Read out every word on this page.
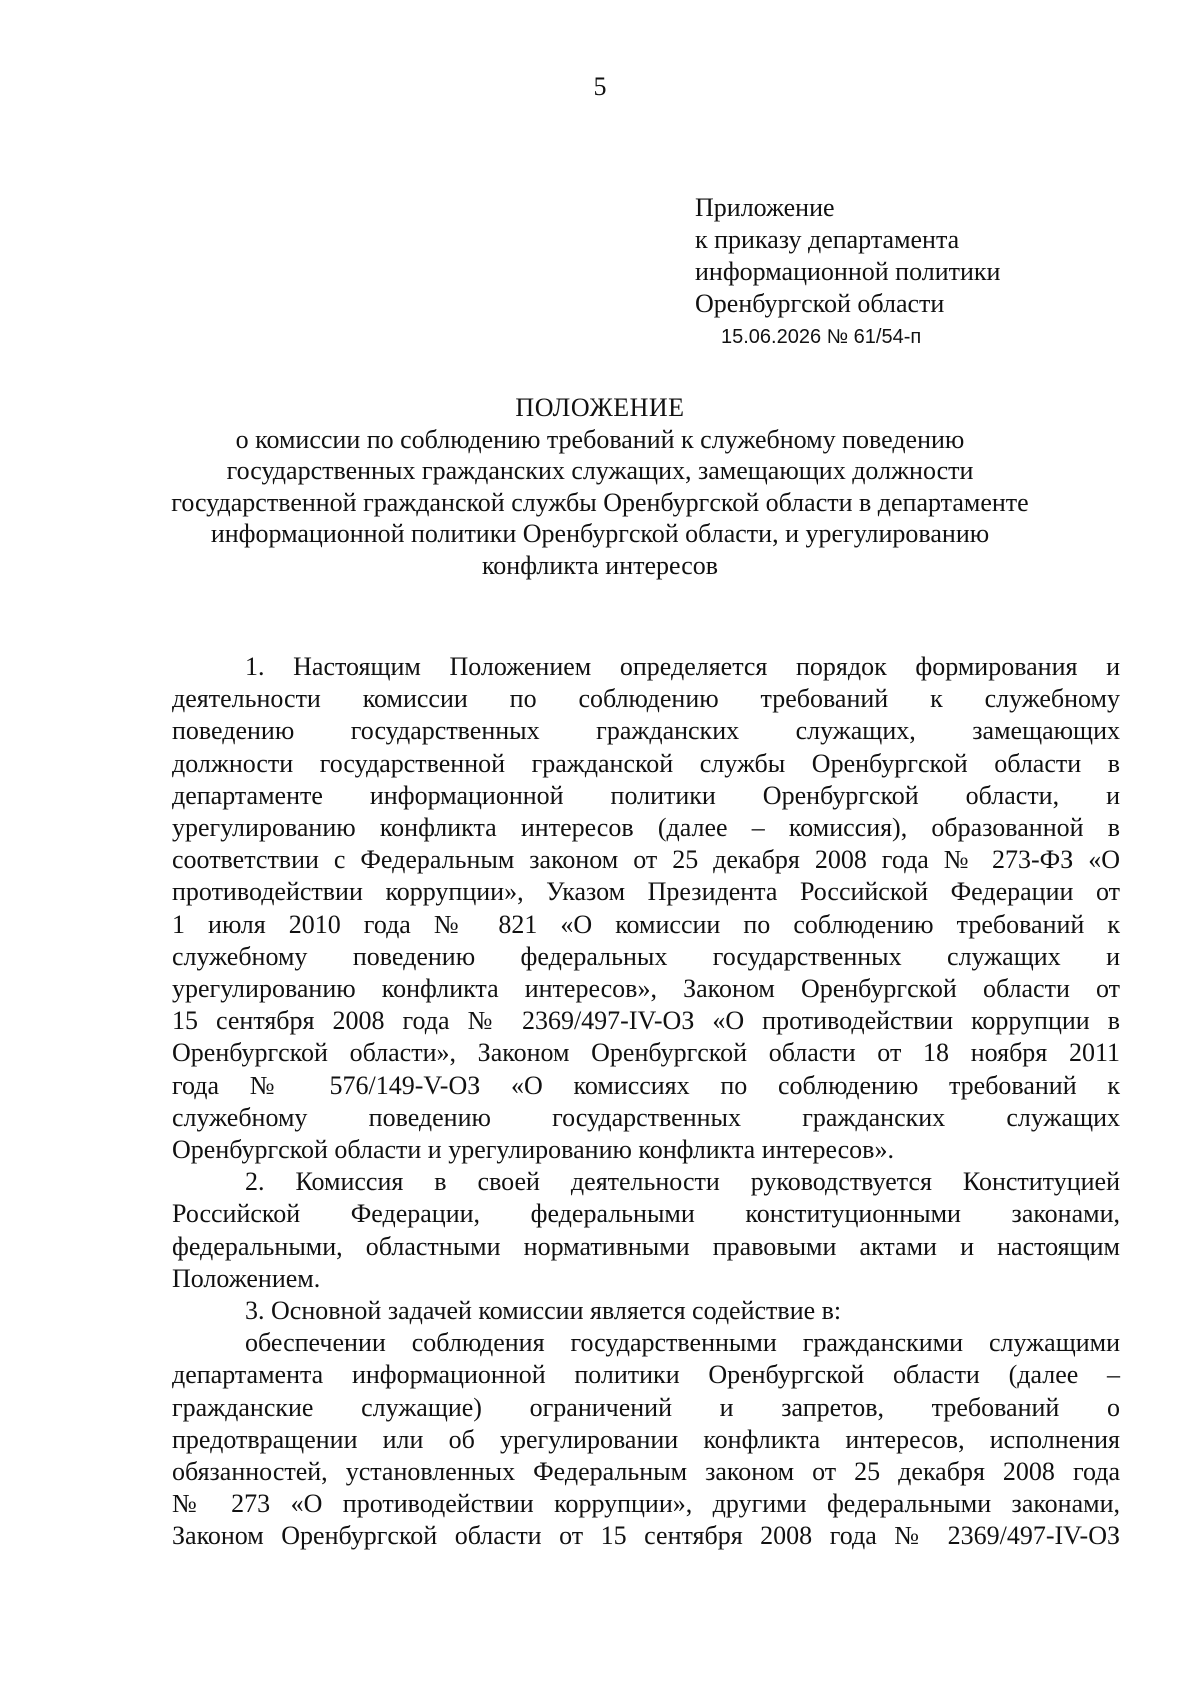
5
Приложение
к приказу департамента
информационной политики
Оренбургской области
15.06.2026 № 61/54-п
ПОЛОЖЕНИЕ
о комиссии по соблюдению требований к служебному поведению
государственных гражданских служащих, замещающих должности
государственной гражданской службы Оренбургской области в департаменте
информационной политики Оренбургской области, и урегулированию
конфликта интересов
1. Настоящим Положением определяется порядок формирования и
деятельности комиссии по соблюдению требований к служебному
поведению государственных гражданских служащих, замещающих
должности государственной гражданской службы Оренбургской области в
департаменте информационной политики Оренбургской области, и
урегулированию конфликта интересов (далее – комиссия), образованной в
соответствии с Федеральным законом от 25 декабря 2008 года № 273-ФЗ «О
противодействии коррупции», Указом Президента Российской Федерации от
1 июля 2010 года № 821 «О комиссии по соблюдению требований к
служебному поведению федеральных государственных служащих и
урегулированию конфликта интересов», Законом Оренбургской области от
15 сентября 2008 года № 2369/497-IV-ОЗ «О противодействии коррупции в
Оренбургской области», Законом Оренбургской области от 18 ноября 2011
года № 576/149-V-ОЗ «О комиссиях по соблюдению требований к
служебному поведению государственных гражданских служащих
Оренбургской области и урегулированию конфликта интересов».
2. Комиссия в своей деятельности руководствуется Конституцией
Российской Федерации, федеральными конституционными законами,
федеральными, областными нормативными правовыми актами и настоящим
Положением.
3. Основной задачей комиссии является содействие в:
обеспечении соблюдения государственными гражданскими служащими
департамента информационной политики Оренбургской области (далее –
гражданские служащие) ограничений и запретов, требований о
предотвращении или об урегулировании конфликта интересов, исполнения
обязанностей, установленных Федеральным законом от 25 декабря 2008 года
№ 273 «О противодействии коррупции», другими федеральными законами,
Законом Оренбургской области от 15 сентября 2008 года № 2369/497-IV-ОЗ
